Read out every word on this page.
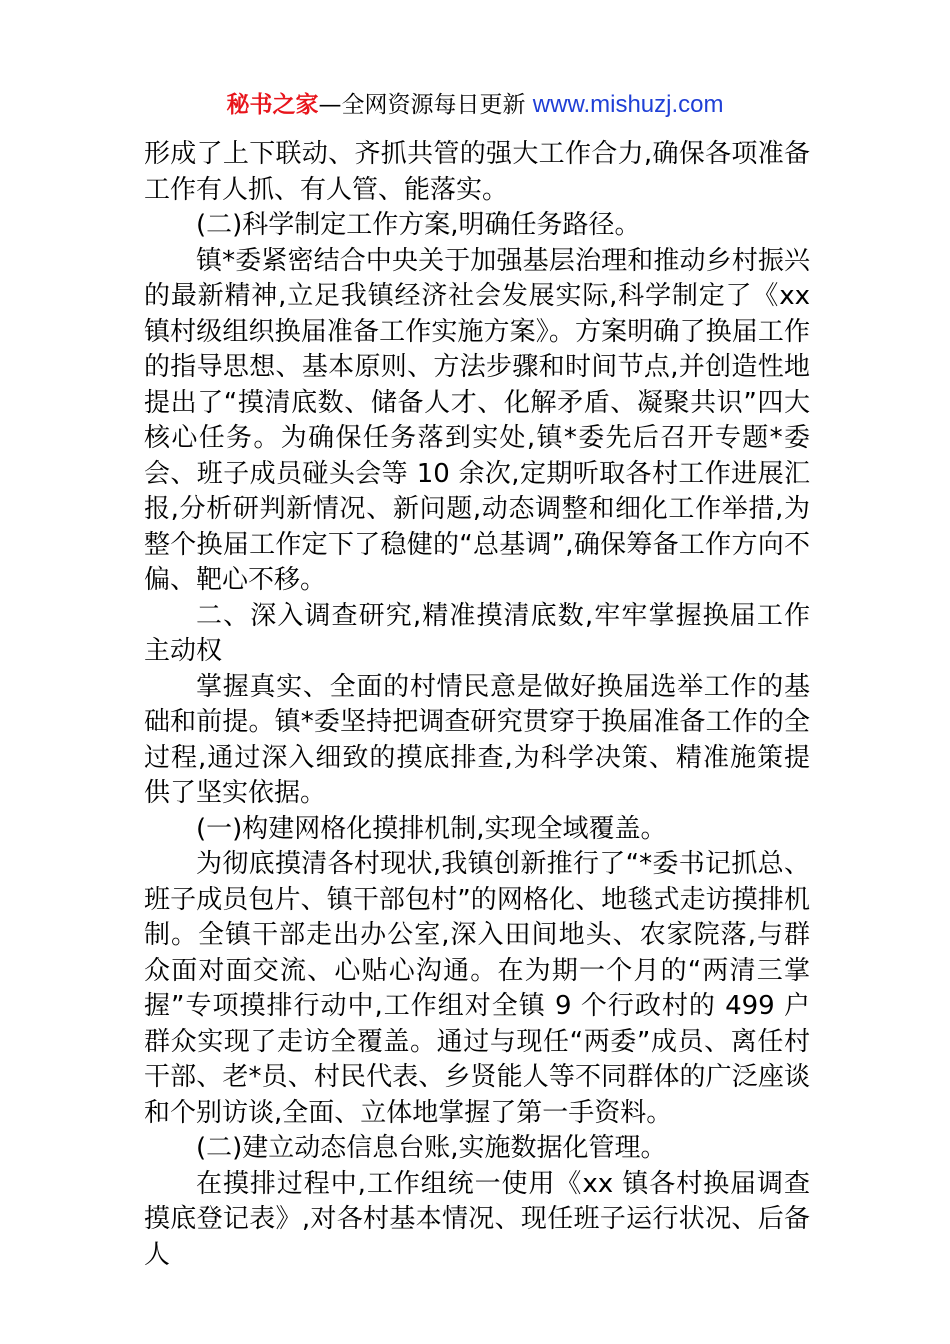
秘书之家—全网资源每日更新 www.mishuzj.com

形成了上下联动、齐抓共管的强大工作合力,确保各项准备工作有人抓、有人管、能落实。

(二)科学制定工作方案,明确任务路径。

镇*委紧密结合中央关于加强基层治理和推动乡村振兴的最新精神,立足我镇经济社会发展实际,科学制定了《xx 镇村级组织换届准备工作实施方案》。方案明确了换届工作的指导思想、基本原则、方法步骤和时间节点,并创造性地提出了“摸清底数、储备人才、化解矛盾、凝聚共识”四大核心任务。为确保任务落到实处,镇*委先后召开专题*委会、班子成员碰头会等 10 余次,定期听取各村工作进展汇报,分析研判新情况、新问题,动态调整和细化工作举措,为整个换届工作定下了稳健的“总基调”,确保筹备工作方向不偏、靶心不移。

二、深入调查研究,精准摸清底数,牢牢掌握换届工作主动权

掌握真实、全面的村情民意是做好换届选举工作的基础和前提。镇*委坚持把调查研究贯穿于换届准备工作的全过程,通过深入细致的摸底排查,为科学决策、精准施策提供了坚实依据。

(一)构建网格化摸排机制,实现全域覆盖。

为彻底摸清各村现状,我镇创新推行了“*委书记抓总、班子成员包片、镇干部包村”的网格化、地毯式走访摸排机制。全镇干部走出办公室,深入田间地头、农家院落,与群众面对面交流、心贴心沟通。在为期一个月的“两清三掌握”专项摸排行动中,工作组对全镇 9 个行政村的 499 户群众实现了走访全覆盖。通过与现任“两委”成员、离任村干部、老*员、村民代表、乡贤能人等不同群体的广泛座谈和个别访谈,全面、立体地掌握了第一手资料。

(二)建立动态信息台账,实施数据化管理。

在摸排过程中,工作组统一使用《xx 镇各村换届调查摸底登记表》,对各村基本情况、现任班子运行状况、后备人
